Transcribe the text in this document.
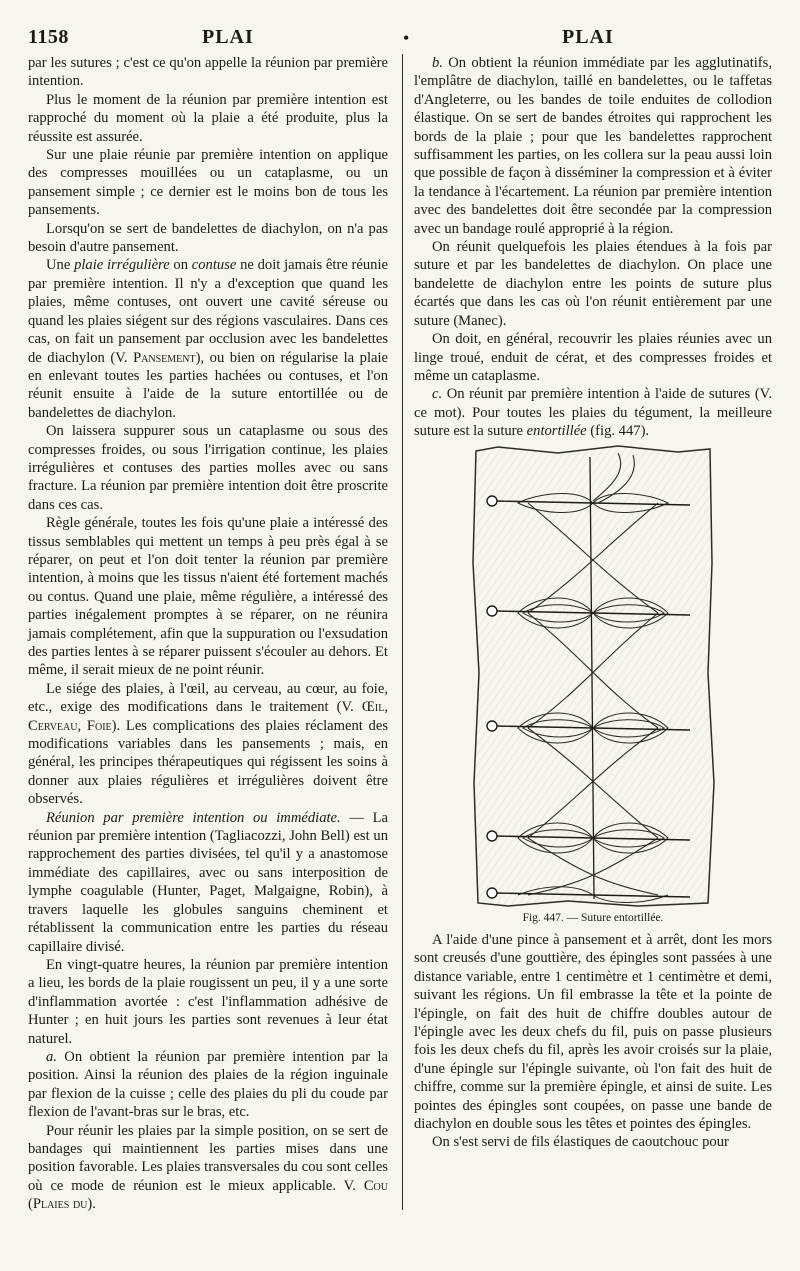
1158	PLAI	•	PLAI

par les sutures ; c'est ce qu'on appelle la réunion par première intention.

Plus le moment de la réunion par première intention est rapproché du moment où la plaie a été produite, plus la réussite est assurée.

Sur une plaie réunie par première intention on applique des compresses mouillées ou un cataplasme, ou un pansement simple ; ce dernier est le moins bon de tous les pansements.

Lorsqu'on se sert de bandelettes de diachylon, on n'a pas besoin d'autre pansement.

Une plaie irrégulière on contuse ne doit jamais être réunie par première intention. Il n'y a d'exception que quand les plaies, même contuses, ont ouvert une cavité séreuse ou quand les plaies siégent sur des régions vasculaires. Dans ces cas, on fait un pansement par occlusion avec les bandelettes de diachylon (V. Pansement), ou bien on régularise la plaie en enlevant toutes les parties hachées ou contuses, et l'on réunit ensuite à l'aide de la suture entortillée ou de bandelettes de diachylon.

On laissera suppurer sous un cataplasme ou sous des compresses froides, ou sous l'irrigation continue, les plaies irrégulières et contuses des parties molles avec ou sans fracture. La réunion par première intention doit être proscrite dans ces cas.

Règle générale, toutes les fois qu'une plaie a intéressé des tissus semblables qui mettent un temps à peu près égal à se réparer, on peut et l'on doit tenter la réunion par première intention, à moins que les tissus n'aient été fortement machés ou contus. Quand une plaie, même régulière, a intéressé des parties inégalement promptes à se réparer, on ne réunira jamais complétement, afin que la suppuration ou l'exsudation des parties lentes à se réparer puissent s'écouler au dehors. Et même, il serait mieux de ne point réunir.

Le siége des plaies, à l'œil, au cerveau, au cœur, au foie, etc., exige des modifications dans le traitement (V. Œil, Cerveau, Foie). Les complications des plaies réclament des modifications variables dans les pansements ; mais, en général, les principes thérapeutiques qui régissent les soins à donner aux plaies régulières et irrégulières doivent être observés.

Réunion par première intention ou immédiate. — La réunion par première intention (Tagliacozzi, John Bell) est un rapprochement des parties divisées, tel qu'il y a anastomose immédiate des capillaires, avec ou sans interposition de lymphe coagulable (Hunter, Paget, Malgaigne, Robin), à travers laquelle les globules sanguins cheminent et rétablissent la communication entre les parties du réseau capillaire divisé.

En vingt-quatre heures, la réunion par première intention a lieu, les bords de la plaie rougissent un peu, il y a une sorte d'inflammation avortée : c'est l'inflammation adhésive de Hunter ; en huit jours les parties sont revenues à leur état naturel.

a. On obtient la réunion par première intention par la position. Ainsi la réunion des plaies de la région inguinale par flexion de la cuisse ; celle des plaies du pli du coude par flexion de l'avant-bras sur le bras, etc.

Pour réunir les plaies par la simple position, on se sert de bandages qui maintiennent les parties mises dans une position favorable. Les plaies transversales du cou sont celles où ce mode de réunion est le mieux applicable. V. Cou (Plaies du).

b. On obtient la réunion immédiate par les agglutinatifs, l'emplâtre de diachylon, taillé en bandelettes, ou le taffetas d'Angleterre, ou les bandes de toile enduites de collodion élastique. On se sert de bandes étroites qui rapprochent les bords de la plaie ; pour que les bandelettes rapprochent suffisamment les parties, on les collera sur la peau aussi loin que possible de façon à disséminer la compression et à éviter la tendance à l'écartement. La réunion par première intention avec des bandelettes doit être secondée par la compression avec un bandage roulé approprié à la région.

On réunit quelquefois les plaies étendues à la fois par suture et par les bandelettes de diachylon. On place une bandelette de diachylon entre les points de suture plus écartés que dans les cas où l'on réunit entièrement par une suture (Manec).

On doit, en général, recouvrir les plaies réunies avec un linge troué, enduit de cérat, et des compresses froides et même un cataplasme.

c. On réunit par première intention à l'aide de sutures (V. ce mot). Pour toutes les plaies du tégument, la meilleure suture est la suture entortillée (fig. 447).

Fig. 447. — Suture entortillée.

A l'aide d'une pince à pansement et à arrêt, dont les mors sont creusés d'une gouttière, des épingles sont passées à une distance variable, entre 1 centimètre et 1 centimètre et demi, suivant les régions. Un fil embrasse la tête et la pointe de l'épingle, on fait des huit de chiffre doubles autour de l'épingle avec les deux chefs du fil, puis on passe plusieurs fois les deux chefs du fil, après les avoir croisés sur la plaie, d'une épingle sur l'épingle suivante, où l'on fait des huit de chiffre, comme sur la première épingle, et ainsi de suite. Les pointes des épingles sont coupées, on passe une bande de diachylon en double sous les têtes et pointes des épingles.

On s'est servi de fils élastiques de caoutchouc pour
